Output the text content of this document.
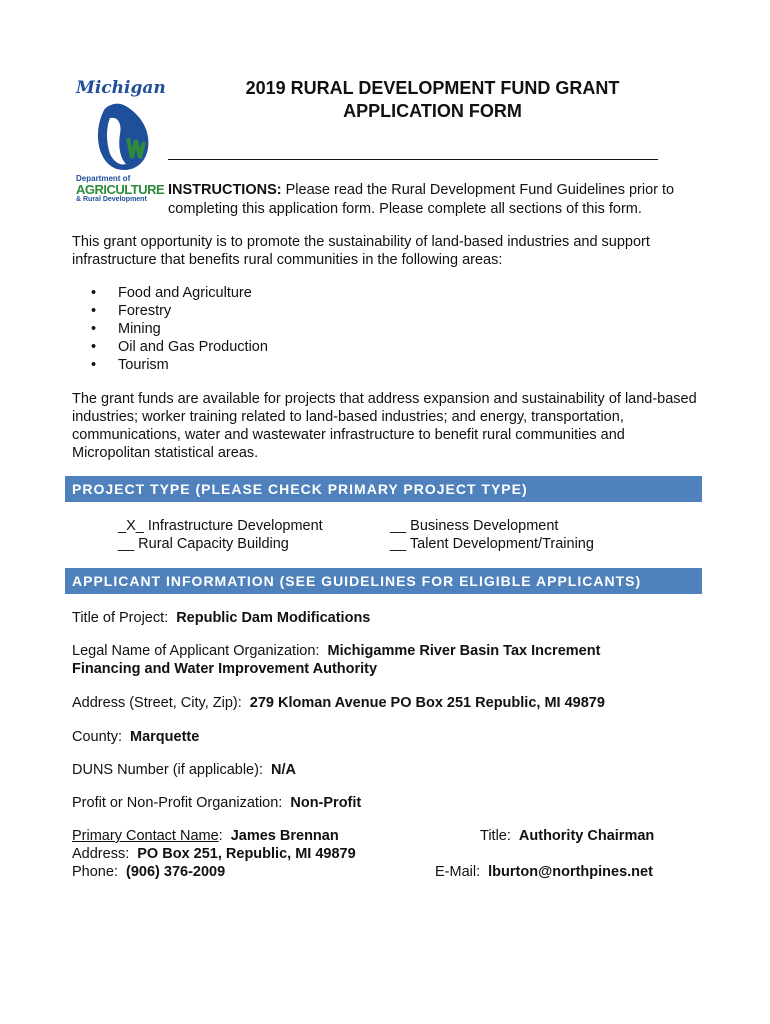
Michigan
Department of
AGRICULTURE
& Rural Development
2019 RURAL DEVELOPMENT FUND GRANT
APPLICATION FORM
INSTRUCTIONS: Please read the Rural Development Fund Guidelines prior to completing this application form. Please complete all sections of this form.
This grant opportunity is to promote the sustainability of land-based industries and support infrastructure that benefits rural communities in the following areas:
• Food and Agriculture
• Forestry
• Mining
• Oil and Gas Production
• Tourism
The grant funds are available for projects that address expansion and sustainability of land-based industries; worker training related to land-based industries; and energy, transportation, communications, water and wastewater infrastructure to benefit rural communities and Micropolitan statistical areas.
PROJECT TYPE (PLEASE CHECK PRIMARY PROJECT TYPE)
_X_ Infrastructure Development
__ Rural Capacity Building
__ Business Development
__ Talent Development/Training
APPLICANT INFORMATION (SEE GUIDELINES FOR ELIGIBLE APPLICANTS)
Title of Project: Republic Dam Modifications
Legal Name of Applicant Organization: Michigamme River Basin Tax Increment
Financing and Water Improvement Authority
Address (Street, City, Zip): 279 Kloman Avenue PO Box 251 Republic, MI 49879
County: Marquette
DUNS Number (if applicable): N/A
Profit or Non-Profit Organization: Non-Profit
Primary Contact Name: James Brennan	Title: Authority Chairman
Address: PO Box 251, Republic, MI 49879
Phone: (906) 376-2009	E-Mail: lburton@northpines.net
